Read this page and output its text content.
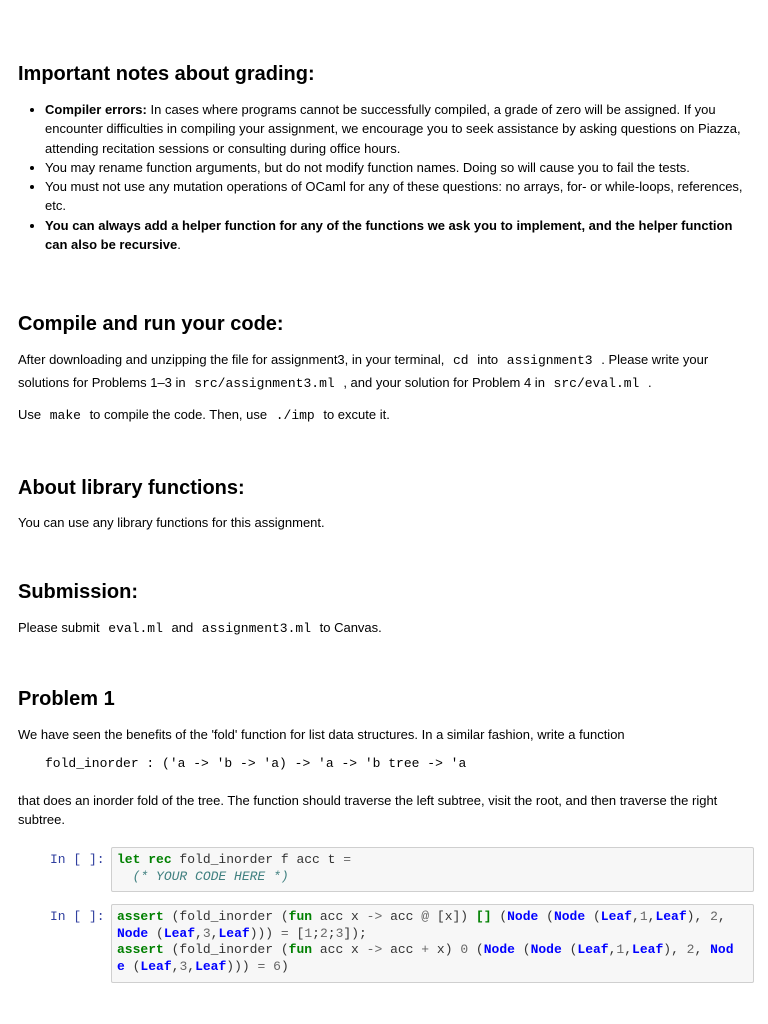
Important notes about grading:
• Compiler errors: In cases where programs cannot be successfully compiled, a grade of zero will be assigned. If you encounter difficulties in compiling your assignment, we encourage you to seek assistance by asking questions on Piazza, attending recitation sessions or consulting during office hours.
• You may rename function arguments, but do not modify function names. Doing so will cause you to fail the tests.
• You must not use any mutation operations of OCaml for any of these questions: no arrays, for- or while-loops, references, etc.
• You can always add a helper function for any of the functions we ask you to implement, and the helper function can also be recursive.
Compile and run your code:

After downloading and unzipping the file for assignment3, in your terminal, cd into assignment3 . Please write your solutions for Problems 1–3 in src/assignment3.ml , and your solution for Problem 4 in src/eval.ml .

Use make to compile the code. Then, use ./imp to excute it.

About library functions:

You can use any library functions for this assignment.

Submission:

Please submit eval.ml and assignment3.ml to Canvas.

Problem 1

We have seen the benefits of the 'fold' function for list data structures. In a similar fashion, write a function

fold_inorder : ('a -> 'b -> 'a) -> 'a -> 'b tree -> 'a

that does an inorder fold of the tree. The function should traverse the left subtree, visit the root, and then traverse the right subtree.

In [ ]: let rec fold_inorder f acc t =
(* YOUR CODE HERE *)
In [ ]: assert (fold_inorder (fun acc x -> acc @ [x]) [] (Node (Node (Leaf,1,Leaf), 2,
Node (Leaf,3,Leaf))) = [1;2;3]);
assert (fold_inorder (fun acc x -> acc + x) 0 (Node (Node (Leaf,1,Leaf), 2, Nod
e (Leaf,3,Leaf))) = 6)
